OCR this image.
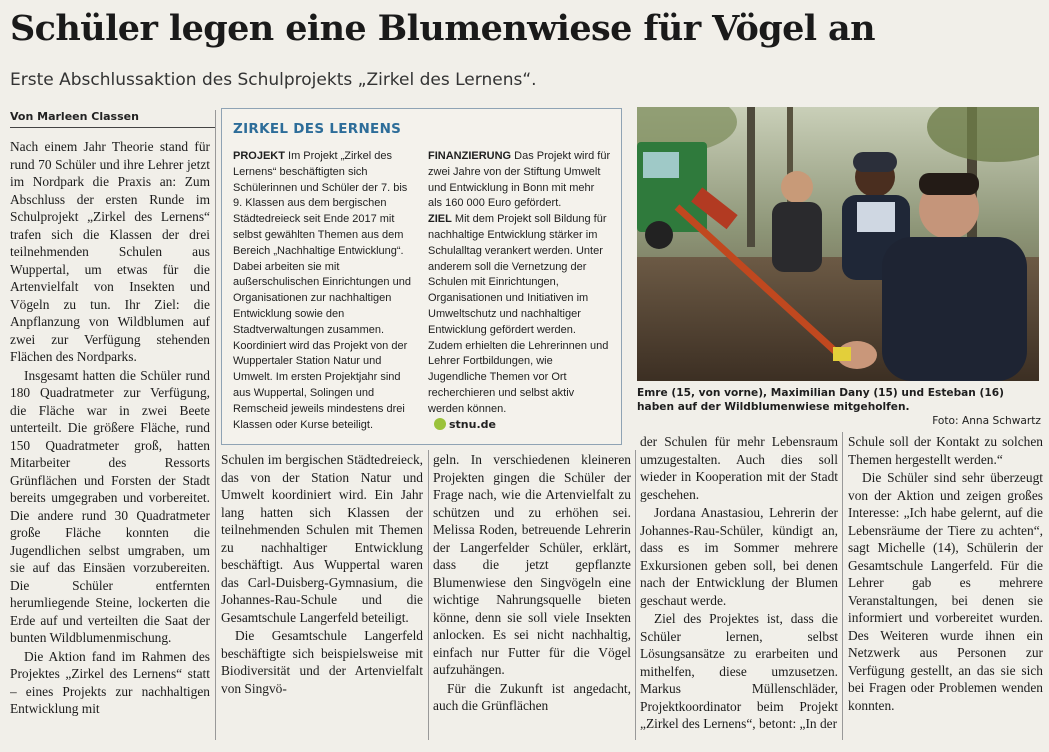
Schüler legen eine Blumenwiese für Vögel an
Erste Abschlussaktion des Schulprojekts „Zirkel des Lernens“.
Von Marleen Classen

Nach einem Jahr Theorie stand für rund 70 Schüler und ihre Lehrer jetzt im Nordpark die Praxis an: Zum Abschluss der ersten Runde im Schulprojekt „Zirkel des Lernens“ trafen sich die Klassen der drei teilnehmenden Schulen aus Wuppertal, um etwas für die Artenvielfalt von Insekten und Vögeln zu tun. Ihr Ziel: die Anpflanzung von Wildblumen auf zwei zur Verfügung stehenden Flächen des Nordparks.

Insgesamt hatten die Schüler rund 180 Quadratmeter zur Verfügung, die Fläche war in zwei Beete unterteilt. Die größere Fläche, rund 150 Quadratmeter groß, hatten Mitarbeiter des Ressorts Grünflächen und Forsten der Stadt bereits umgegraben und vorbereitet. Die andere rund 30 Quadratmeter große Fläche konnten die Jugendlichen selbst umgraben, um sie auf das Einsäen vorzubereiten. Die Schüler entfernten herumliegende Steine, lockerten die Erde auf und verteilten die Saat der bunten Wildblumenmischung.

Die Aktion fand im Rahmen des Projektes „Zirkel des Lernens“ statt – eines Projekts zur nachhaltigen Entwicklung mit

ZIRKEL DES LERNENS
PROJEKT Im Projekt „Zirkel des Lernens“ beschäftigten sich Schülerinnen und Schüler der 7. bis 9. Klassen aus dem bergischen Städtedreieck seit Ende 2017 mit selbst gewählten Themen aus dem Bereich „Nachhaltige Entwicklung“. Dabei arbeiten sie mit außerschulischen Einrichtungen und Organisationen zur nachhaltigen Entwicklung sowie den Stadtverwaltungen zusammen. Koordiniert wird das Projekt von der Wuppertaler Station Natur und Umwelt. Im ersten Projektjahr sind aus Wuppertal, Solingen und Remscheid jeweils mindestens drei Klassen oder Kurse beteiligt.
FINANZIERUNG Das Projekt wird für zwei Jahre von der Stiftung Umwelt und Entwicklung in Bonn mit mehr als 160 000 Euro gefördert.
ZIEL Mit dem Projekt soll Bildung für nachhaltige Entwicklung stärker im Schulalltag verankert werden. Unter anderem soll die Vernetzung der Schulen mit Einrichtungen, Organisationen und Initiativen im Umweltschutz und nachhaltiger Entwicklung gefördert werden. Zudem erhielten die Lehrerinnen und Lehrer Fortbildungen, wie Jugendliche Themen vor Ort recherchieren und selbst aktiv werden können.
stnu.de
Emre (15, von vorne), Maximilian Dany (15) und Esteban (16) haben auf der Wildblumenwiese mitgeholfen.
Foto: Anna Schwartz

Schulen im bergischen Städtedreieck, das von der Station Natur und Umwelt koordiniert wird. Ein Jahr lang hatten sich Klassen der teilnehmenden Schulen mit Themen zu nachhaltiger Entwicklung beschäftigt. Aus Wuppertal waren das Carl-Duisberg-Gymnasium, die Johannes-Rau-Schule und die Gesamtschule Langerfeld beteiligt.

Die Gesamtschule Langerfeld beschäftigte sich beispielsweise mit Biodiversität und der Artenvielfalt von Singvö-

geln. In verschiedenen kleineren Projekten gingen die Schüler der Frage nach, wie die Artenvielfalt zu schützen und zu erhöhen sei. Melissa Roden, betreuende Lehrerin der Langerfelder Schüler, erklärt, dass die jetzt gepflanzte Blumenwiese den Singvögeln eine wichtige Nahrungsquelle bieten könne, denn sie soll viele Insekten anlocken. Es sei nicht nachhaltig, einfach nur Futter für die Vögel aufzuhängen.

Für die Zukunft ist angedacht, auch die Grünflächen

der Schulen für mehr Lebensraum umzugestalten. Auch dies soll wieder in Kooperation mit der Stadt geschehen.

Jordana Anastasiou, Lehrerin der Johannes-Rau-Schüler, kündigt an, dass es im Sommer mehrere Exkursionen geben soll, bei denen nach der Entwicklung der Blumen geschaut werde.

Ziel des Projektes ist, dass die Schüler lernen, selbst Lösungsansätze zu erarbeiten und mithelfen, diese umzusetzen. Markus Müllenschläder, Projektkoordinator beim Projekt „Zirkel des Lernens“, betont: „In der

Schule soll der Kontakt zu solchen Themen hergestellt werden.“

Die Schüler sind sehr überzeugt von der Aktion und zeigen großes Interesse: „Ich habe gelernt, auf die Lebensräume der Tiere zu achten“, sagt Michelle (14), Schülerin der Gesamtschule Langerfeld. Für die Lehrer gab es mehrere Veranstaltungen, bei denen sie informiert und vorbereitet wurden. Des Weiteren wurde ihnen ein Netzwerk aus Personen zur Verfügung gestellt, an das sie sich bei Fragen oder Problemen wenden konnten.
